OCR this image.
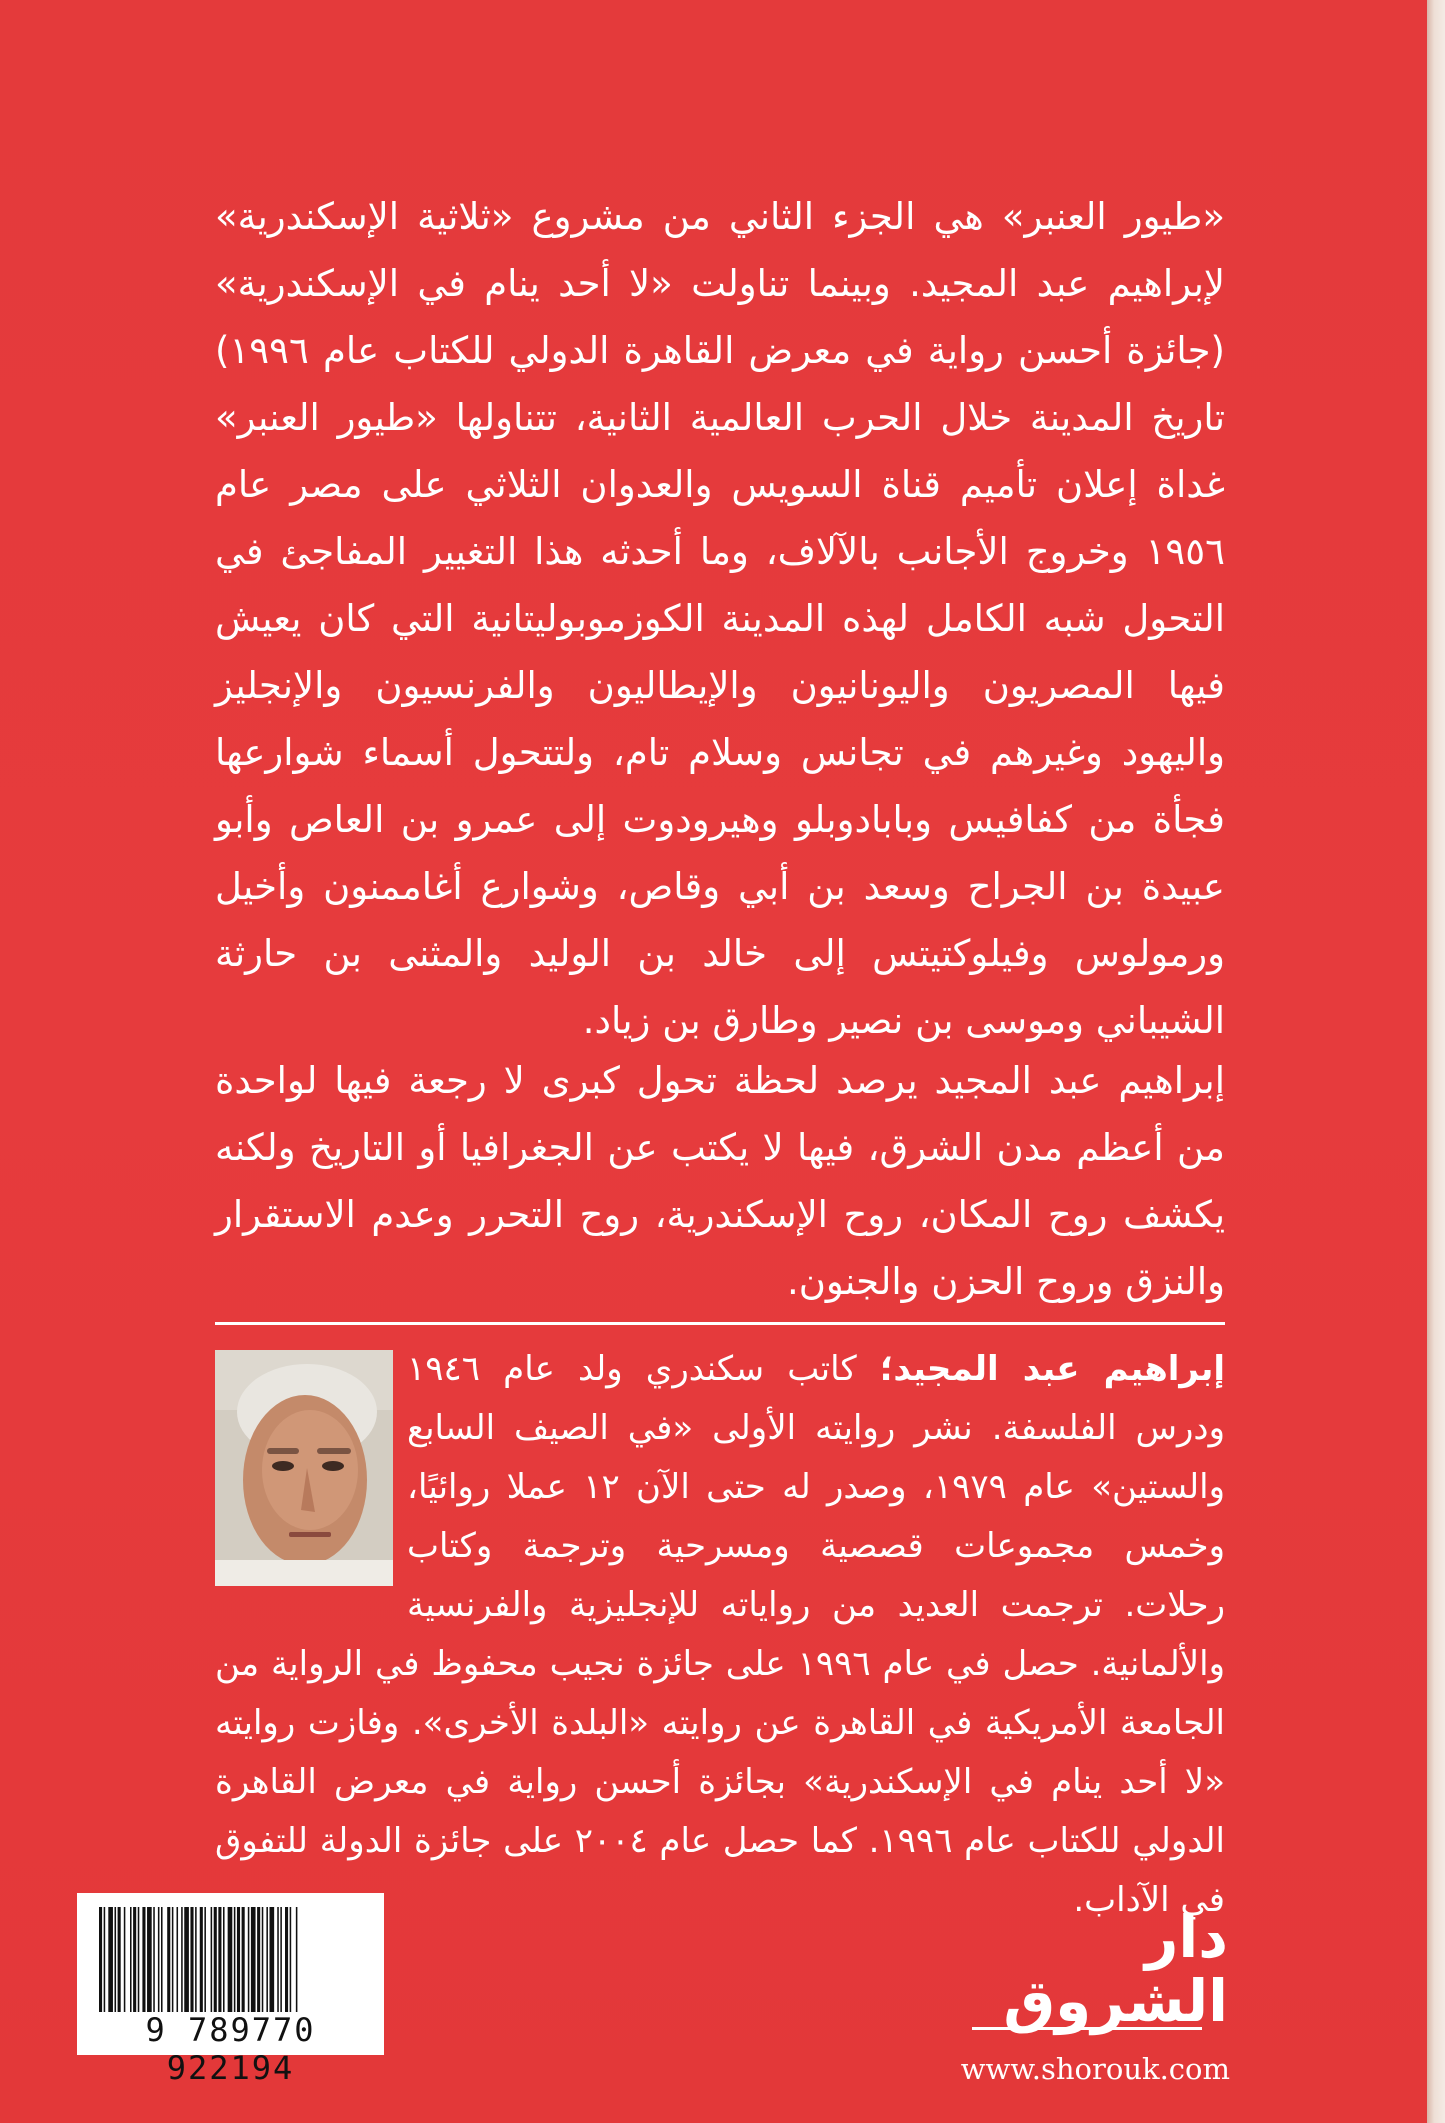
«طيور العنبر» هي الجزء الثاني من مشروع «ثلاثية الإسكندرية» لإبراهيم عبد المجيد. وبينما تناولت «لا أحد ينام في الإسكندرية» (جائزة أحسن رواية في معرض القاهرة الدولي للكتاب عام ١٩٩٦) تاريخ المدينة خلال الحرب العالمية الثانية، تتناولها «طيور العنبر» غداة إعلان تأميم قناة السويس والعدوان الثلاثي على مصر عام ١٩٥٦ وخروج الأجانب بالآلاف، وما أحدثه هذا التغيير المفاجئ في التحول شبه الكامل لهذه المدينة الكوزموبوليتانية التي كان يعيش فيها المصريون واليونانيون والإيطاليون والفرنسيون والإنجليز واليهود وغيرهم في تجانس وسلام تام، ولتتحول أسماء شوارعها فجأة من كفافيس وبابادوبلو وهيرودوت إلى عمرو بن العاص وأبو عبيدة بن الجراح وسعد بن أبي وقاص، وشوارع أغاممنون وأخيل ورمولوس وفيلوكتيتس إلى خالد بن الوليد والمثنى بن حارثة الشيباني وموسى بن نصير وطارق بن زياد.

إبراهيم عبد المجيد يرصد لحظة تحول كبرى لا رجعة فيها لواحدة من أعظم مدن الشرق، فيها لا يكتب عن الجغرافيا أو التاريخ ولكنه يكشف روح المكان، روح الإسكندرية، روح التحرر وعدم الاستقرار والنزق وروح الحزن والجنون.

إبراهيم عبد المجيد؛ كاتب سكندري ولد عام ١٩٤٦ ودرس الفلسفة. نشر روايته الأولى «في الصيف السابع والستين» عام ١٩٧٩، وصدر له حتى الآن ١٢ عملا روائيًا، وخمس مجموعات قصصية ومسرحية وترجمة وكتاب رحلات. ترجمت العديد من رواياته للإنجليزية والفرنسية والألمانية. حصل في عام ١٩٩٦ على جائزة نجيب محفوظ في الرواية من الجامعة الأمريكية في القاهرة عن روايته «البلدة الأخرى». وفازت روايته «لا أحد ينام في الإسكندرية» بجائزة أحسن رواية في معرض القاهرة الدولي للكتاب عام ١٩٩٦. كما حصل عام ٢٠٠٤ على جائزة الدولة للتفوق في الآداب.
9 789770 922194
دار الشروق
www.shorouk.com
